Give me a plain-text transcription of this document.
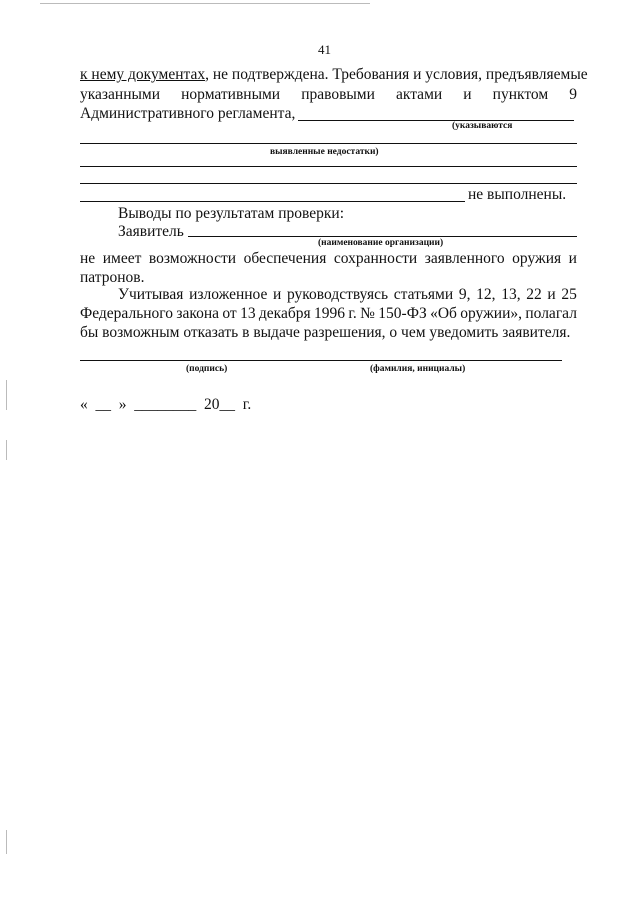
41
к нему документах, не подтверждена. Требования и условия, предъявляемые
указанными нормативными правовыми актами и пунктом 9
Административного регламента,
(указываются
выявленные недостатки)
не выполнены.
Выводы по результатам проверки:
Заявитель
(наименование организации)
не имеет возможности обеспечения сохранности заявленного оружия и
патронов.
Учитывая изложенное и руководствуясь статьями 9, 12, 13, 22 и 25
Федерального закона от 13 декабря 1996 г. № 150-ФЗ «Об оружии», полагал
бы возможным отказать в выдаче разрешения, о чем уведомить заявителя.
(подпись)	(фамилия, инициалы)
«  __  »  ________  20__  г.
